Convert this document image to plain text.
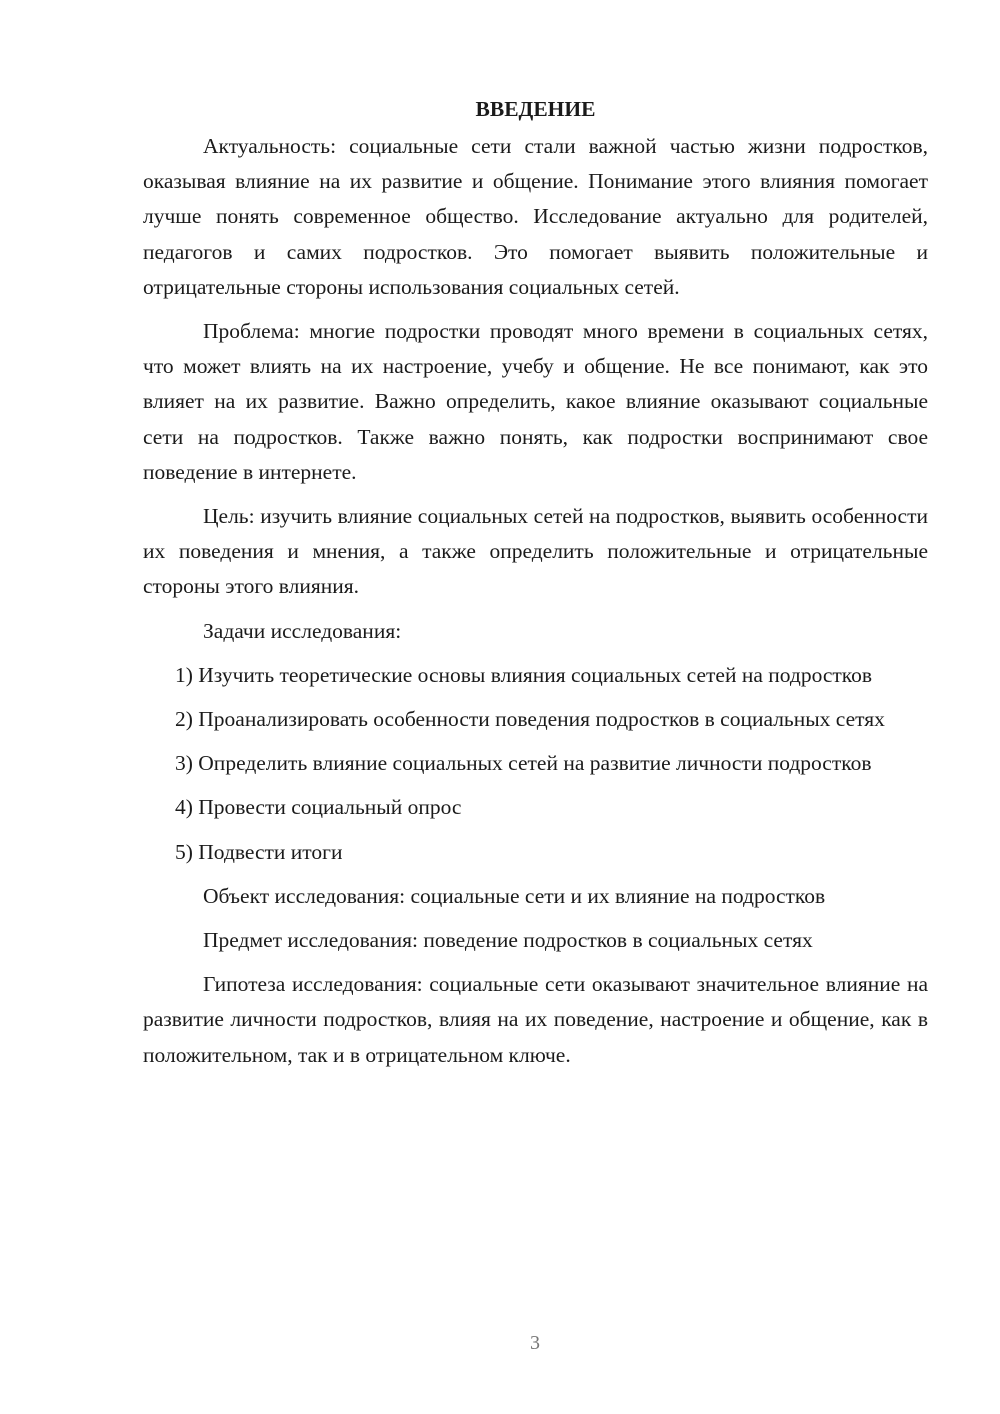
ВВЕДЕНИЕ

Актуальность: социальные сети стали важной частью жизни подростков, оказывая влияние на их развитие и общение. Понимание этого влияния помогает лучше понять современное общество. Исследование актуально для родителей, педагогов и самих подростков. Это помогает выявить положительные и отрицательные стороны использования социальных сетей.

Проблема: многие подростки проводят много времени в социальных сетях, что может влиять на их настроение, учебу и общение. Не все понимают, как это влияет на их развитие. Важно определить, какое влияние оказывают социальные сети на подростков. Также важно понять, как подростки воспринимают свое поведение в интернете.

Цель: изучить влияние социальных сетей на подростков, выявить особенности их поведения и мнения, а также определить положительные и отрицательные стороны этого влияния.

Задачи исследования:

1) Изучить теоретические основы влияния социальных сетей на подростков

2) Проанализировать особенности поведения подростков в социальных сетях

3) Определить влияние социальных сетей на развитие личности подростков

4) Провести социальный опрос

5) Подвести итоги

Объект исследования: социальные сети и их влияние на подростков

Предмет исследования: поведение подростков в социальных сетях

Гипотеза исследования: социальные сети оказывают значительное влияние на развитие личности подростков, влияя на их поведение, настроение и общение, как в положительном, так и в отрицательном ключе.

3
